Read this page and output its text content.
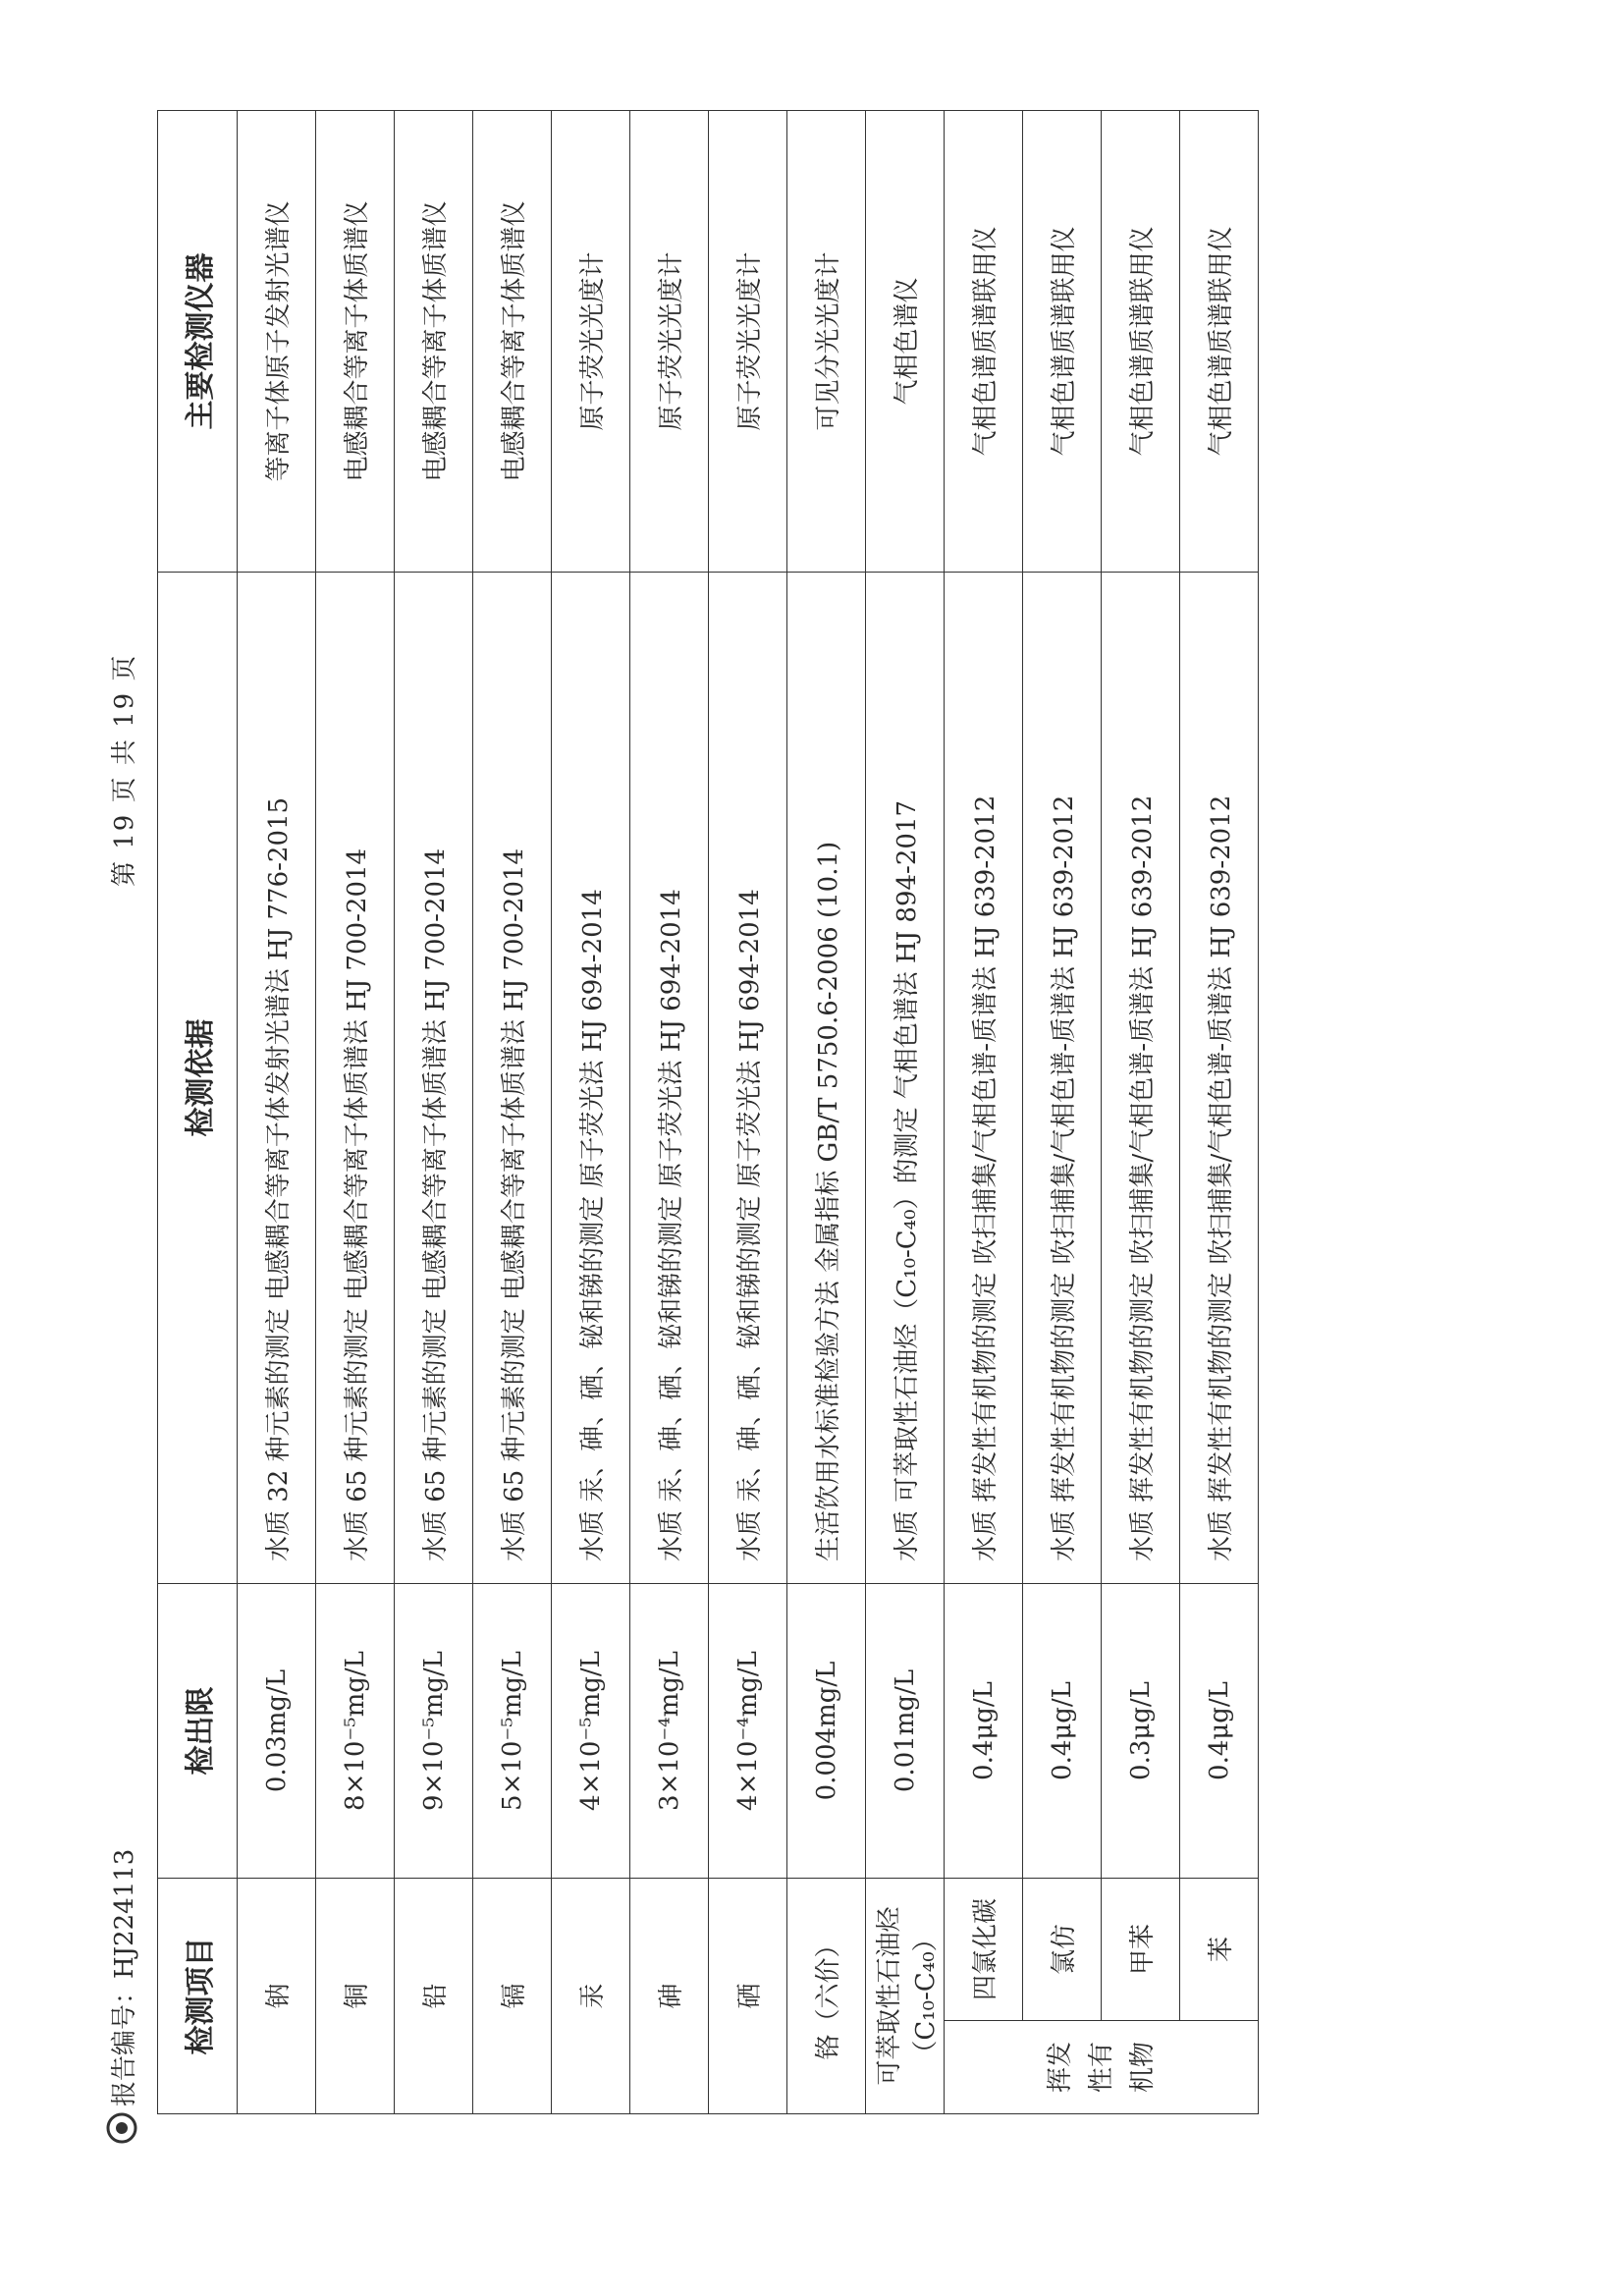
报告编号：HJ224113
第 19 页 共 19 页
检测项目		检出限	检测依据	主要检测仪器
钠		0.03mg/L	水质 32 种元素的测定 电感耦合等离子体发射光谱法 HJ 776-2015	等离子体原子发射光谱仪
铜		8×10⁻⁵mg/L	水质 65 种元素的测定 电感耦合等离子体质谱法 HJ 700-2014	电感耦合等离子体质谱仪
铅		9×10⁻⁵mg/L	水质 65 种元素的测定 电感耦合等离子体质谱法 HJ 700-2014	电感耦合等离子体质谱仪
镉		5×10⁻⁵mg/L	水质 65 种元素的测定 电感耦合等离子体质谱法 HJ 700-2014	电感耦合等离子体质谱仪
汞		4×10⁻⁵mg/L	水质 汞、砷、硒、铋和锑的测定 原子荧光法 HJ 694-2014	原子荧光光度计
砷		3×10⁻⁴mg/L	水质 汞、砷、硒、铋和锑的测定 原子荧光法 HJ 694-2014	原子荧光光度计
硒		4×10⁻⁴mg/L	水质 汞、砷、硒、铋和锑的测定 原子荧光法 HJ 694-2014	原子荧光光度计
铬（六价）		0.004mg/L	生活饮用水标准检验方法 金属指标 GB/T 5750.6-2006 (10.1)	可见分光光度计
可萃取性石油烃（C₁₀-C₄₀）		0.01mg/L	水质 可萃取性石油烃（C₁₀-C₄₀）的测定 气相色谱法 HJ 894-2017	气相色谱仪
挥发性有机物	四氯化碳	0.4μg/L	水质 挥发性有机物的测定 吹扫捕集/气相色谱-质谱法 HJ 639-2012	气相色谱质谱联用仪
	氯仿	0.4μg/L	水质 挥发性有机物的测定 吹扫捕集/气相色谱-质谱法 HJ 639-2012	气相色谱质谱联用仪
	甲苯	0.3μg/L	水质 挥发性有机物的测定 吹扫捕集/气相色谱-质谱法 HJ 639-2012	气相色谱质谱联用仪
	苯	0.4μg/L	水质 挥发性有机物的测定 吹扫捕集/气相色谱-质谱法 HJ 639-2012	气相色谱质谱联用仪
